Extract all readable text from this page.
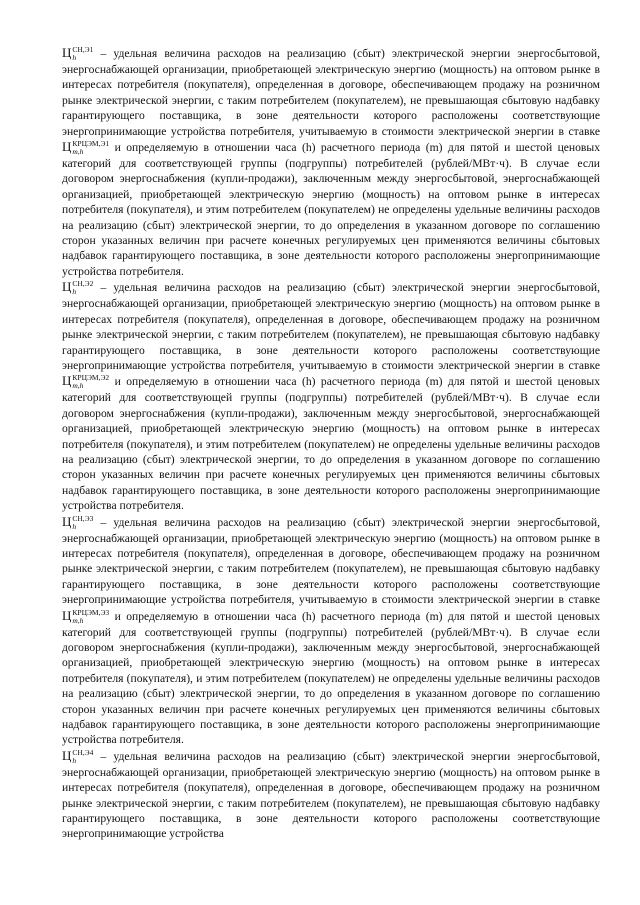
Ц СН,Э1
h	– удельная величина расходов на реализацию (сбыт) электрической энергии энергосбытовой, энергоснабжающей организации, приобретающей электрическую энергию (мощность) на оптовом рынке в интересах потребителя (покупателя), определенная в договоре, обеспечивающем продажу на розничном рынке электрической энергии, с таким потребителем (покупателем), не превышающая сбытовую надбавку гарантирующего поставщика, в зоне деятельности которого расположены соответствующие энергопринимающие устройства потребителя, учитываемую в стоимости электрической энергии в ставке Ц КРЦЭМ,Э1
m,h	и определяемую в отношении часа (h) расчетного периода (m) для пятой и шестой ценовых категорий для соответствующей группы (подгруппы) потребителей (рублей/МВт·ч). В случае если договором энергоснабжения (купли-продажи), заключенным между энергосбытовой, энергоснабжающей организацией, приобретающей электрическую энергию (мощность) на оптовом рынке в интересах потребителя (покупателя), и этим потребителем (покупателем) не определены удельные величины расходов на реализацию (сбыт) электрической энергии, то до определения в указанном договоре по соглашению сторон указанных величин при расчете конечных регулируемых цен применяются величины сбытовых надбавок гарантирующего поставщика, в зоне деятельности которого расположены энергопринимающие устройства потребителя.

Ц СН,Э2
h	– удельная величина расходов на реализацию (сбыт) электрической энергии энергосбытовой, энергоснабжающей организации, приобретающей электрическую энергию (мощность) на оптовом рынке в интересах потребителя (покупателя), определенная в договоре, обеспечивающем продажу на розничном рынке электрической энергии, с таким потребителем (покупателем), не превышающая сбытовую надбавку гарантирующего поставщика, в зоне деятельности которого расположены соответствующие энергопринимающие устройства потребителя, учитываемую в стоимости электрической энергии в ставке Ц КРЦЭМ,Э2
m,h	и определяемую в отношении часа (h) расчетного периода (m) для пятой и шестой ценовых категорий для соответствующей группы (подгруппы) потребителей (рублей/МВт·ч). В случае если договором энергоснабжения (купли-продажи), заключенным между энергосбытовой, энергоснабжающей организацией, приобретающей электрическую энергию (мощность) на оптовом рынке в интересах потребителя (покупателя), и этим потребителем (покупателем) не определены удельные величины расходов на реализацию (сбыт) электрической энергии, то до определения в указанном договоре по соглашению сторон указанных величин при расчете конечных регулируемых цен применяются величины сбытовых надбавок гарантирующего поставщика, в зоне деятельности которого расположены энергопринимающие устройства потребителя.

Ц СН,Э3
h	– удельная величина расходов на реализацию (сбыт) электрической энергии энергосбытовой, энергоснабжающей организации, приобретающей электрическую энергию (мощность) на оптовом рынке в интересах потребителя (покупателя), определенная в договоре, обеспечивающем продажу на розничном рынке электрической энергии, с таким потребителем (покупателем), не превышающая сбытовую надбавку гарантирующего поставщика, в зоне деятельности которого расположены соответствующие энергопринимающие устройства потребителя, учитываемую в стоимости электрической энергии в ставке Ц КРЦЭМ,Э3
m,h	и определяемую в отношении часа (h) расчетного периода (m) для пятой и шестой ценовых категорий для соответствующей группы (подгруппы) потребителей (рублей/МВт·ч). В случае если договором энергоснабжения (купли-продажи), заключенным между энергосбытовой, энергоснабжающей организацией, приобретающей электрическую энергию (мощность) на оптовом рынке в интересах потребителя (покупателя), и этим потребителем (покупателем) не определены удельные величины расходов на реализацию (сбыт) электрической энергии, то до определения в указанном договоре по соглашению сторон указанных величин при расчете конечных регулируемых цен применяются величины сбытовых надбавок гарантирующего поставщика, в зоне деятельности которого расположены энергопринимающие устройства потребителя.

Ц СН,Э4
h	– удельная величина расходов на реализацию (сбыт) электрической энергии энергосбытовой, энергоснабжающей организации, приобретающей электрическую энергию (мощность) на оптовом рынке в интересах потребителя (покупателя), определенная в договоре, обеспечивающем продажу на розничном рынке электрической энергии, с таким потребителем (покупателем), не превышающая сбытовую надбавку гарантирующего поставщика, в зоне деятельности которого расположены соответствующие энергопринимающие устройства
